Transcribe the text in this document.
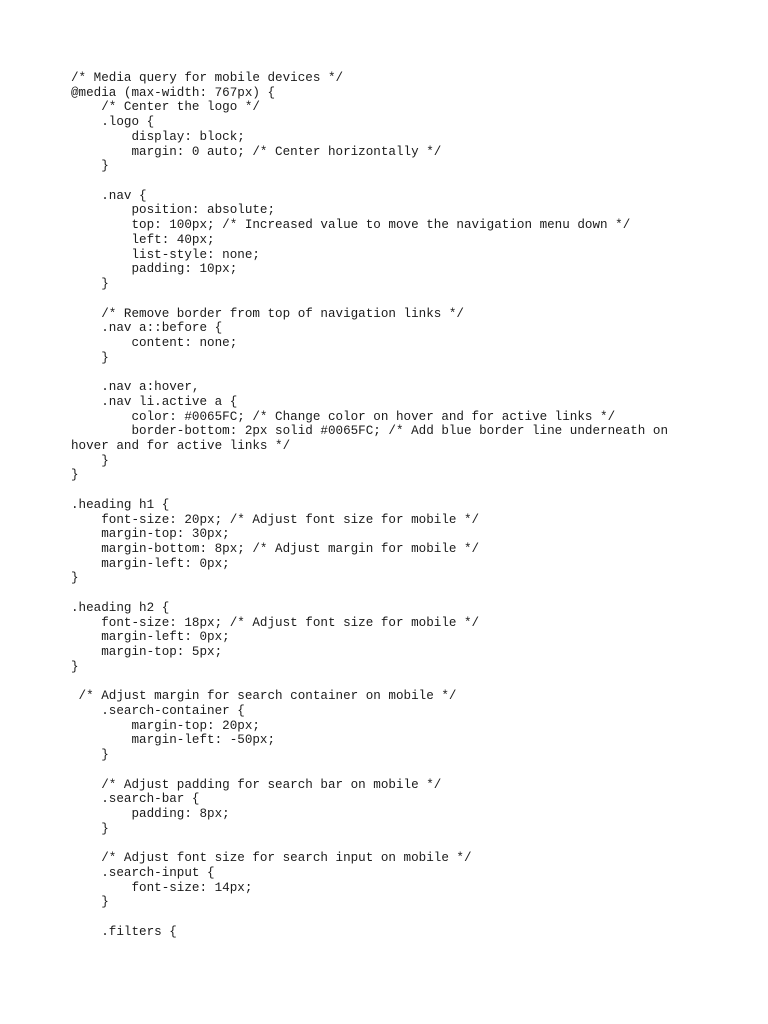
/* Media query for mobile devices */
@media (max-width: 767px) {
/* Center the logo */
.logo {
display: block;
margin: 0 auto; /* Center horizontally */
}
.nav {
position: absolute;
top: 100px; /* Increased value to move the navigation menu down */
left: 40px;
list-style: none;
padding: 10px;
}
/* Remove border from top of navigation links */
.nav a::before {
content: none;
}
.nav a:hover,
.nav li.active a {
color: #0065FC; /* Change color on hover and for active links */
border-bottom: 2px solid #0065FC; /* Add blue border line underneath on
hover and for active links */
}
}
.heading h1 {
font-size: 20px; /* Adjust font size for mobile */
margin-top: 30px;
margin-bottom: 8px; /* Adjust margin for mobile */
margin-left: 0px;
}
.heading h2 {
font-size: 18px; /* Adjust font size for mobile */
margin-left: 0px;
margin-top: 5px;
}
/* Adjust margin for search container on mobile */
.search-container {
margin-top: 20px;
margin-left: -50px;
}
/* Adjust padding for search bar on mobile */
.search-bar {
padding: 8px;
}
/* Adjust font size for search input on mobile */
.search-input {
font-size: 14px;
}
.filters {
